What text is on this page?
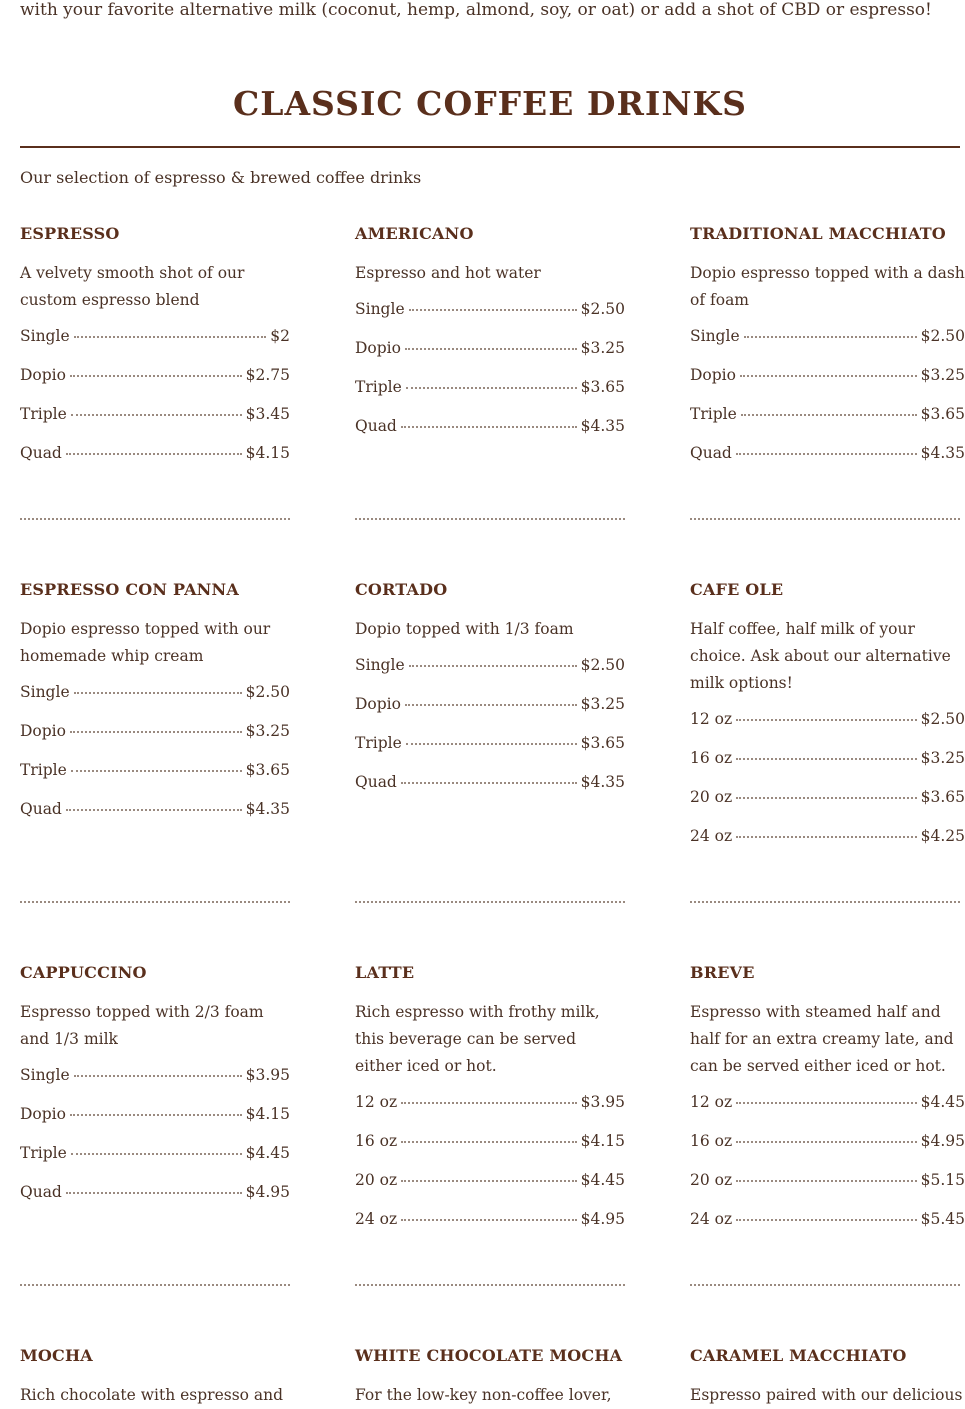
with your favorite alternative milk (coconut, hemp, almond, soy, or oat) or add a shot of CBD or espresso!
CLASSIC COFFEE DRINKS
Our selection of espresso & brewed coffee drinks
ESPRESSO
A velvety smooth shot of our custom espresso blend
Single	$2
Dopio	$2.75
Triple	$3.45
Quad	$4.15
AMERICANO
Espresso and hot water
Single	$2.50
Dopio	$3.25
Triple	$3.65
Quad	$4.35
TRADITIONAL MACCHIATO
Dopio espresso topped with a dash of foam
Single	$2.50
Dopio	$3.25
Triple	$3.65
Quad	$4.35
ESPRESSO CON PANNA
Dopio espresso topped with our homemade whip cream
Single	$2.50
Dopio	$3.25
Triple	$3.65
Quad	$4.35
CORTADO
Dopio topped with 1/3 foam
Single	$2.50
Dopio	$3.25
Triple	$3.65
Quad	$4.35
CAFE OLE
Half coffee, half milk of your choice. Ask about our alternative milk options!
12 oz	$2.50
16 oz	$3.25
20 oz	$3.65
24 oz	$4.25
CAPPUCCINO
Espresso topped with 2/3 foam and 1/3 milk
Single	$3.95
Dopio	$4.15
Triple	$4.45
Quad	$4.95
LATTE
Rich espresso with frothy milk, this beverage can be served either iced or hot.
12 oz	$3.95
16 oz	$4.15
20 oz	$4.45
24 oz	$4.95
BREVE
Espresso with steamed half and half for an extra creamy late, and can be served either iced or hot.
12 oz	$4.45
16 oz	$4.95
20 oz	$5.15
24 oz	$5.45
MOCHA
Rich chocolate with espresso and
WHITE CHOCOLATE MOCHA
For the low-key non-coffee lover,
CARAMEL MACCHIATO
Espresso paired with our delicious
